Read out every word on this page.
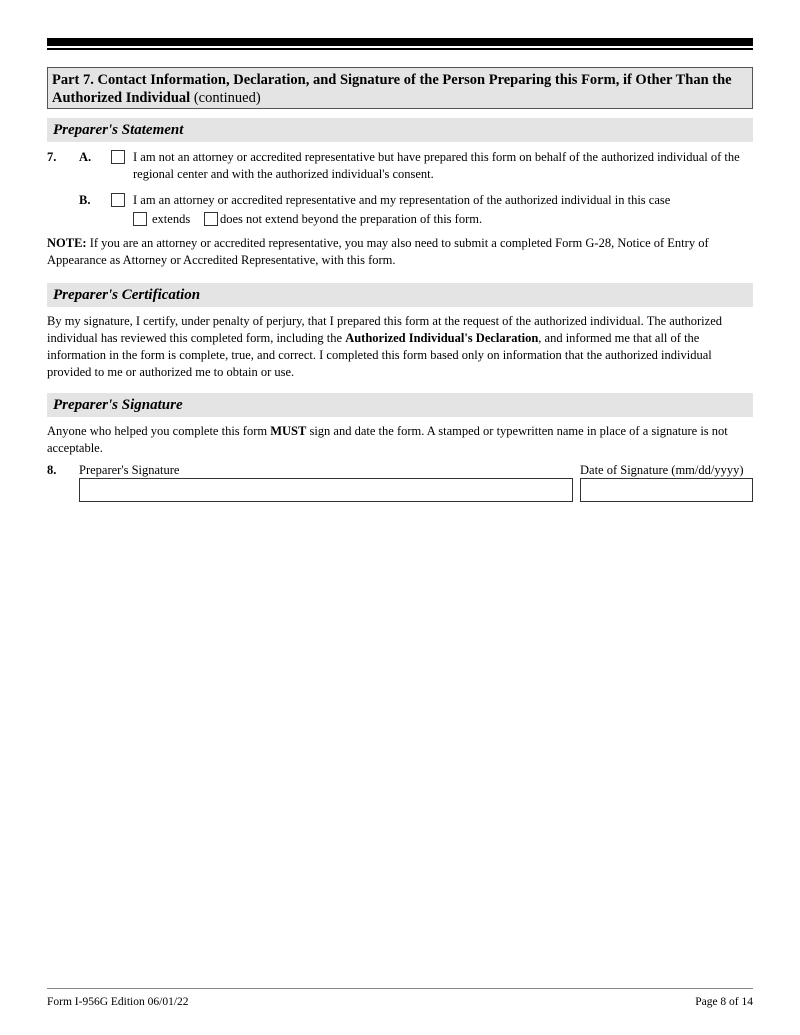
Part 7. Contact Information, Declaration, and Signature of the Person Preparing this Form, if Other Than the Authorized Individual (continued)
Preparer's Statement
7. A.	I am not an attorney or accredited representative but have prepared this form on behalf of the authorized individual of the regional center and with the authorized individual's consent.
B.	I am an attorney or accredited representative and my representation of the authorized individual in this case
extends does not extend beyond the preparation of this form.
NOTE: If you are an attorney or accredited representative, you may also need to submit a completed Form G-28, Notice of Entry of Appearance as Attorney or Accredited Representative, with this form.
Preparer's Certification
By my signature, I certify, under penalty of perjury, that I prepared this form at the request of the authorized individual. The authorized individual has reviewed this completed form, including the Authorized Individual's Declaration, and informed me that all of the information in the form is complete, true, and correct. I completed this form based only on information that the authorized individual provided to me or authorized me to obtain or use.
Preparer's Signature
Anyone who helped you complete this form MUST sign and date the form. A stamped or typewritten name in place of a signature is not acceptable.
8. Preparer's Signature	Date of Signature (mm/dd/yyyy)
Form I-956G Edition 06/01/22	Page 8 of 14
